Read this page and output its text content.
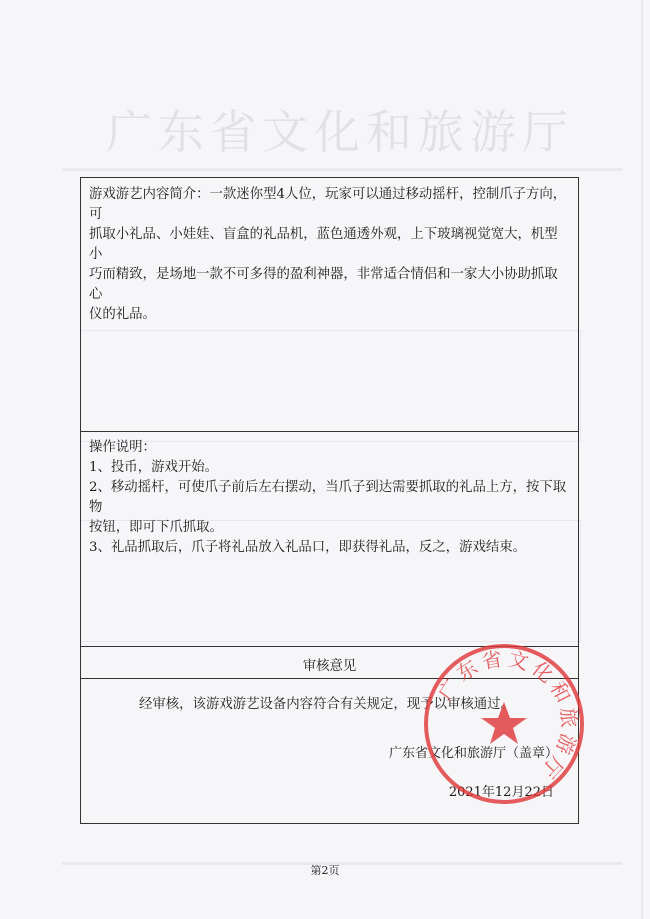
广东省文化和旅游厅
游戏游艺内容简介：一款迷你型4人位，玩家可以通过移动摇杆，控制爪子方向，可
抓取小礼品、小娃娃、盲盒的礼品机，蓝色通透外观，上下玻璃视觉宽大，机型小
巧而精致，是场地一款不可多得的盈利神器，非常适合情侣和一家大小协助抓取心
仪的礼品。
操作说明：
1、投币，游戏开始。
2、移动摇杆，可使爪子前后左右摆动，当爪子到达需要抓取的礼品上方，按下取物
按钮，即可下爪抓取。
3、礼品抓取后，爪子将礼品放入礼品口，即获得礼品，反之，游戏结束。
审核意见
经审核，该游戏游艺设备内容符合有关规定，现予以审核通过。
广东省文化和旅游厅（盖章）
2021年12月22日
广东省文化和旅游厅
第2页
